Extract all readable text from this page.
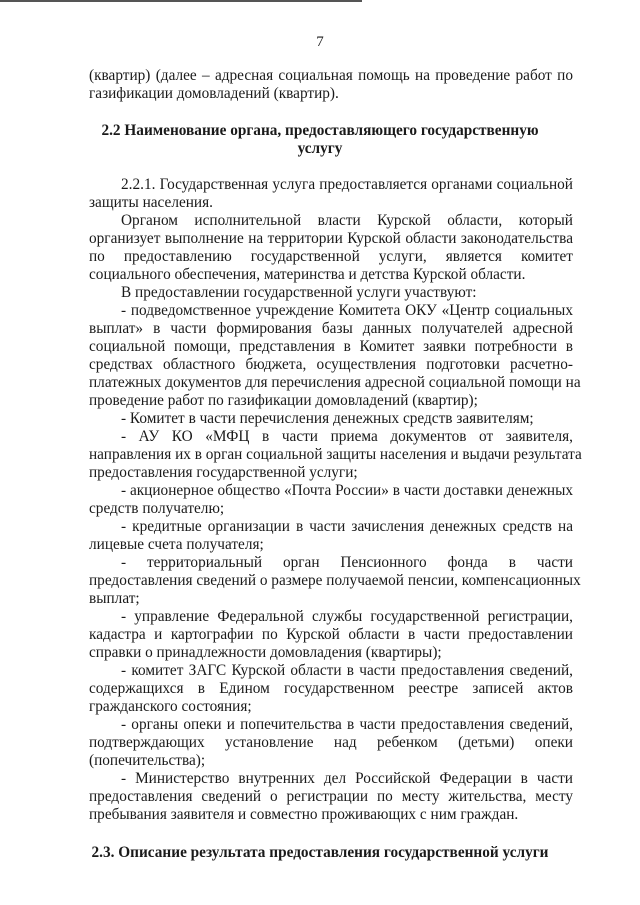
7
(квартир) (далее – адресная социальная помощь на проведение работ по
газификации домовладений (квартир).
2.2 Наименование органа, предоставляющего государственную
услугу
2.2.1. Государственная услуга предоставляется органами социальной
защиты населения.
Органом исполнительной власти Курской области, который
организует выполнение на территории Курской области законодательства
по предоставлению государственной услуги, является комитет
социального обеспечения, материнства и детства Курской области.
В предоставлении государственной услуги участвуют:
- подведомственное учреждение Комитета ОКУ «Центр социальных
выплат» в части формирования базы данных получателей адресной
социальной помощи, представления в Комитет заявки потребности в
средствах областного бюджета, осуществления подготовки расчетно-
платежных документов для перечисления адресной социальной помощи на
проведение работ по газификации домовладений (квартир);
- Комитет в части перечисления денежных средств заявителям;
- АУ КО «МФЦ в части приема документов от заявителя,
направления их в орган социальной защиты населения и выдачи результата
предоставления государственной услуги;
- акционерное общество «Почта России» в части доставки денежных
средств получателю;
- кредитные организации в части зачисления денежных средств на
лицевые счета получателя;
- территориальный орган Пенсионного фонда в части
предоставления сведений о размере получаемой пенсии, компенсационных
выплат;
- управление Федеральной службы государственной регистрации,
кадастра и картографии по Курской области в части предоставлении
справки о принадлежности домовладения (квартиры);
- комитет ЗАГС Курской области в части предоставления сведений,
содержащихся в Едином государственном реестре записей актов
гражданского состояния;
- органы опеки и попечительства в части предоставления сведений,
подтверждающих установление над ребенком (детьми) опеки
(попечительства);
- Министерство внутренних дел Российской Федерации в части
предоставления сведений о регистрации по месту жительства, месту
пребывания заявителя и совместно проживающих с ним граждан.
2.3. Описание результата предоставления государственной услуги
